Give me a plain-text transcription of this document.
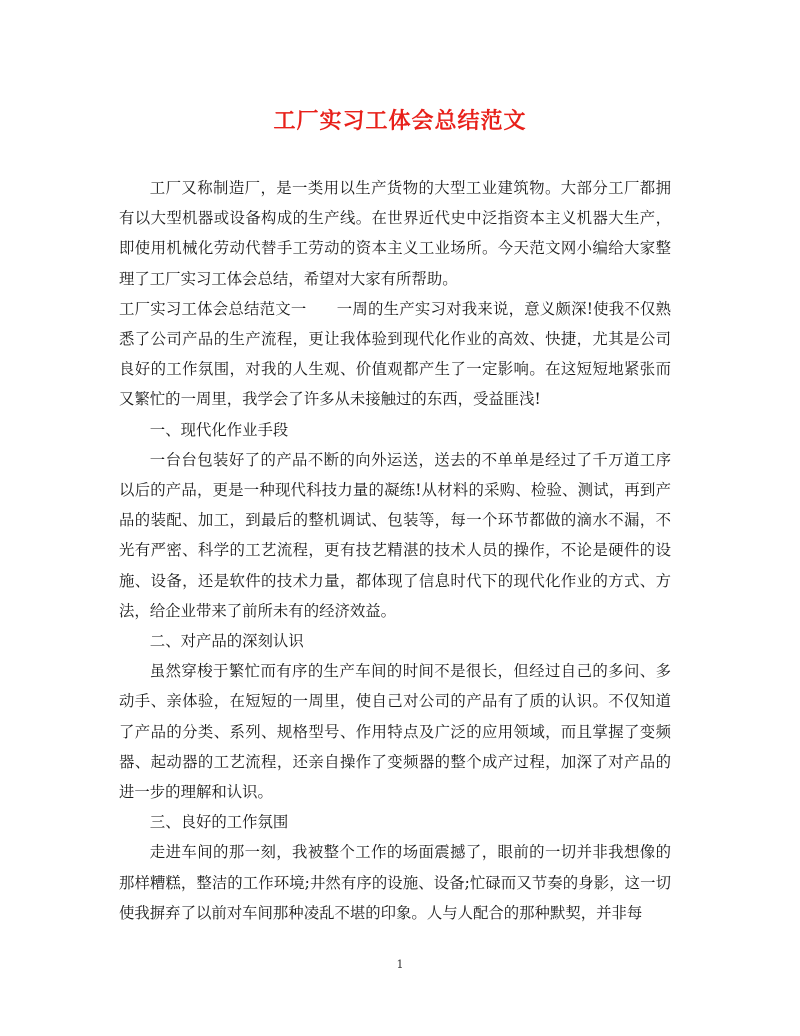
工厂实习工体会总结范文

工厂又称制造厂，是一类用以生产货物的大型工业建筑物。大部分工厂都拥有以大型机器或设备构成的生产线。在世界近代史中泛指资本主义机器大生产，即使用机械化劳动代替手工劳动的资本主义工业场所。今天范文网小编给大家整理了工厂实习工体会总结，希望对大家有所帮助。

工厂实习工体会总结范文一 一周的生产实习对我来说，意义颇深!使我不仅熟悉了公司产品的生产流程，更让我体验到现代化作业的高效、快捷，尤其是公司良好的工作氛围，对我的人生观、价值观都产生了一定影响。在这短短地紧张而又繁忙的一周里，我学会了许多从未接触过的东西，受益匪浅!

一、现代化作业手段

一台台包装好了的产品不断的向外运送，送去的不单单是经过了千万道工序以后的产品，更是一种现代科技力量的凝练!从材料的采购、检验、测试，再到产品的装配、加工，到最后的整机调试、包装等，每一个环节都做的滴水不漏，不光有严密、科学的工艺流程，更有技艺精湛的技术人员的操作，不论是硬件的设施、设备，还是软件的技术力量，都体现了信息时代下的现代化作业的方式、方法，给企业带来了前所未有的经济效益。

二、对产品的深刻认识

虽然穿梭于繁忙而有序的生产车间的时间不是很长，但经过自己的多问、多动手、亲体验，在短短的一周里，使自己对公司的产品有了质的认识。不仅知道了产品的分类、系列、规格型号、作用特点及广泛的应用领域，而且掌握了变频器、起动器的工艺流程，还亲自操作了变频器的整个成产过程，加深了对产品的进一步的理解和认识。

三、良好的工作氛围

走进车间的那一刻，我被整个工作的场面震撼了，眼前的一切并非我想像的那样糟糕，整洁的工作环境;井然有序的设施、设备;忙碌而又节奏的身影，这一切使我摒弃了以前对车间那种凌乱不堪的印象。人与人配合的那种默契，并非每

1
